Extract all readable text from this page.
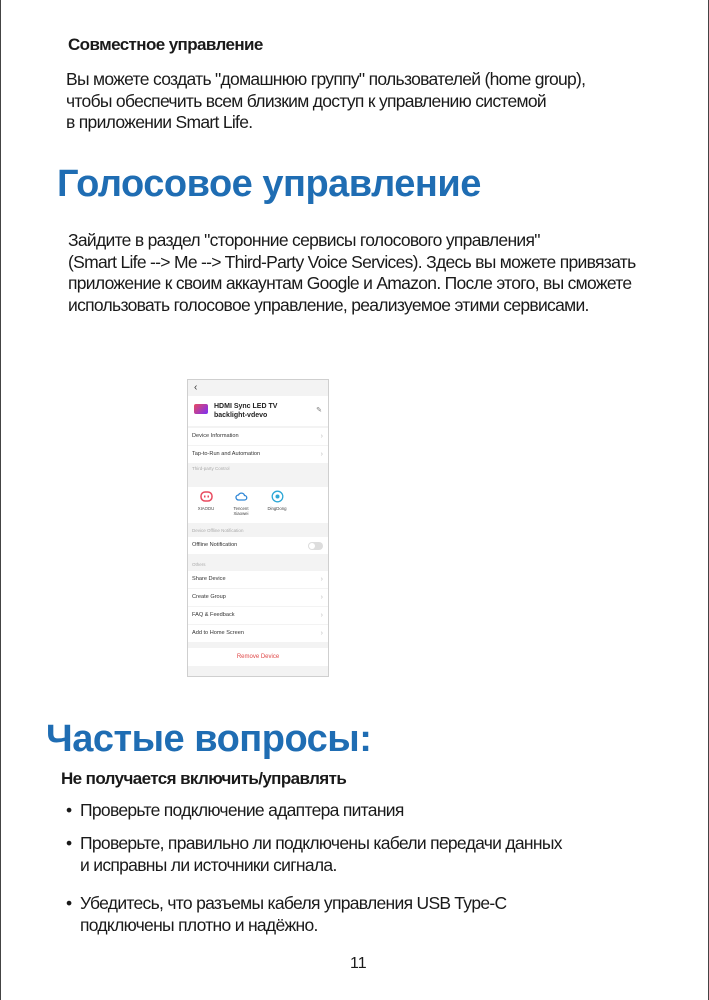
Совместное управление
Вы можете создать "домашнюю группу" пользователей (home group),
чтобы обеспечить всем близким доступ к управлению системой
в приложении Smart Life.
Голосовое управление
Зайдите в раздел "сторонние сервисы голосового управления"
(Smart Life --> Me --> Third-Party Voice Services). Здесь вы можете привязать
приложение к своим аккаунтам Google и Amazon. После этого, вы сможете
использовать голосовое управление, реализуемое этими сервисами.
‹
HDMI Sync LED TV
backlight-vdevo
✎
Device Information	›
Tap-to-Run and Automation	›
Third-party Control
XIAODU	Tencent Xiaowei
DingDong
Device Offline Notification
Offline Notification
Others
Share Device	›
Create Group	›
FAQ & Feedback	›
Add to Home Screen	›
Remove Device
Частые вопросы:
Не получается включить/управлять
• Проверьте подключение адаптера питания
• Проверьте, правильно ли подключены кабели передачи данных
и исправны ли источники сигнала.
• Убедитесь, что разъемы кабеля управления USB Type-C
подключены плотно и надёжно.
11
